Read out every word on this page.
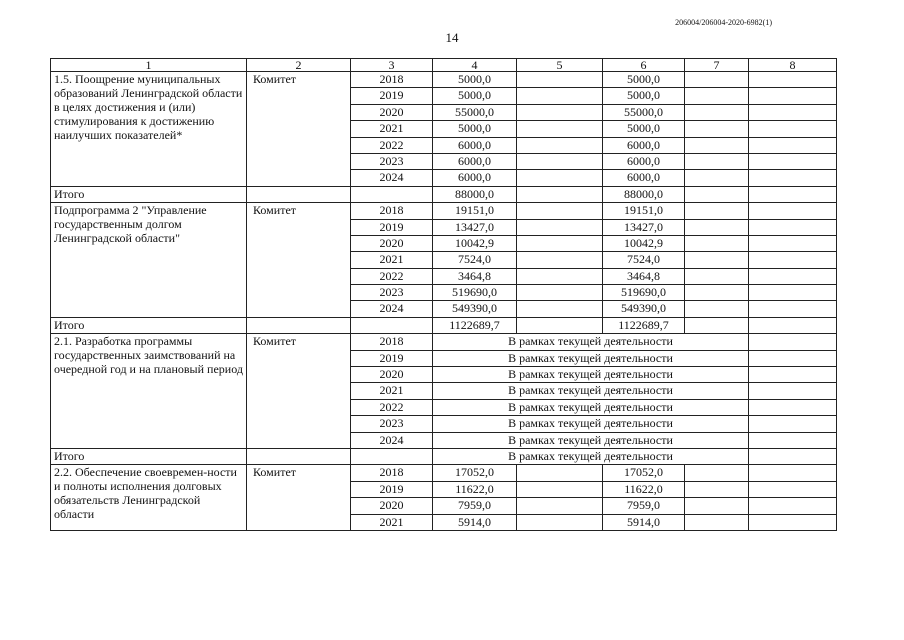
206004/206004-2020-6982(1)
14
1	2	3	4	5	6	7	8
1.5. Поощрение муниципальных образований Ленинградской области в целях достижения и (или) стимулирования к достижению наилучших показателей*	Комитет	2018	5000,0		5000,0		
		2019	5000,0		5000,0		
		2020	55000,0		55000,0		
		2021	5000,0		5000,0		
		2022	6000,0		6000,0		
		2023	6000,0		6000,0		
		2024	6000,0		6000,0		
Итого			88000,0		88000,0		
Подпрограмма 2 "Управление государственным долгом Ленинградской области"	Комитет	2018	19151,0		19151,0		
		2019	13427,0		13427,0		
		2020	10042,9		10042,9		
		2021	7524,0		7524,0		
		2022	3464,8		3464,8		
		2023	519690,0		519690,0		
		2024	549390,0		549390,0		
Итого			1122689,7		1122689,7		
2.1. Разработка программы государственных заимствований на очередной год и на плановый период	Комитет	2018	В рамках текущей деятельности				
		2019	В рамках текущей деятельности				
		2020	В рамках текущей деятельности				
		2021	В рамках текущей деятельности				
		2022	В рамках текущей деятельности				
		2023	В рамках текущей деятельности				
		2024	В рамках текущей деятельности				
Итого			В рамках текущей деятельности				
2.2. Обеспечение своевремен-ности и полноты исполнения долговых обязательств Ленинградской области	Комитет	2018	17052,0		17052,0		
		2019	11622,0		11622,0		
		2020	7959,0		7959,0		
		2021	5914,0		5914,0		
